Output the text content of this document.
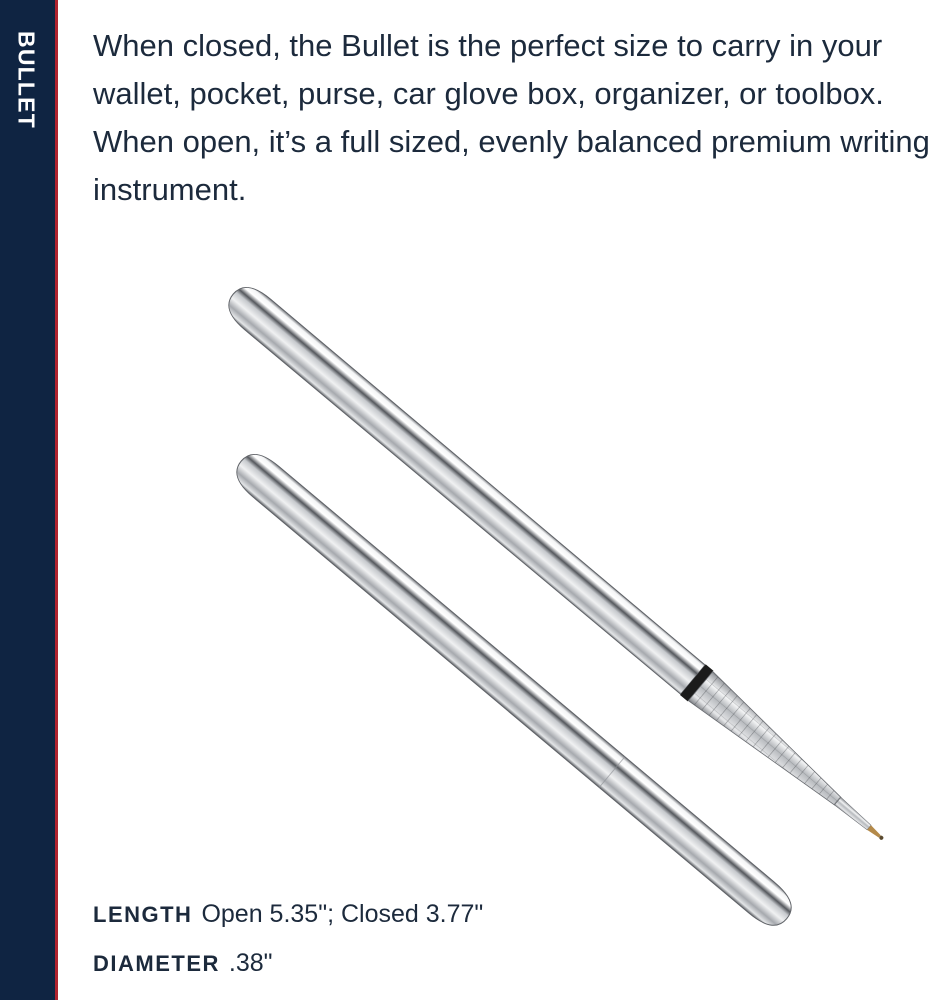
BULLET When closed, the Bullet is the perfect size to carry in your wallet, pocket, purse, car glove box, organizer, or toolbox. When open, it’s a full sized, evenly balanced premium writing instrument.

LENGTH Open 5.35"; Closed 3.77"
DIAMETER .38"
